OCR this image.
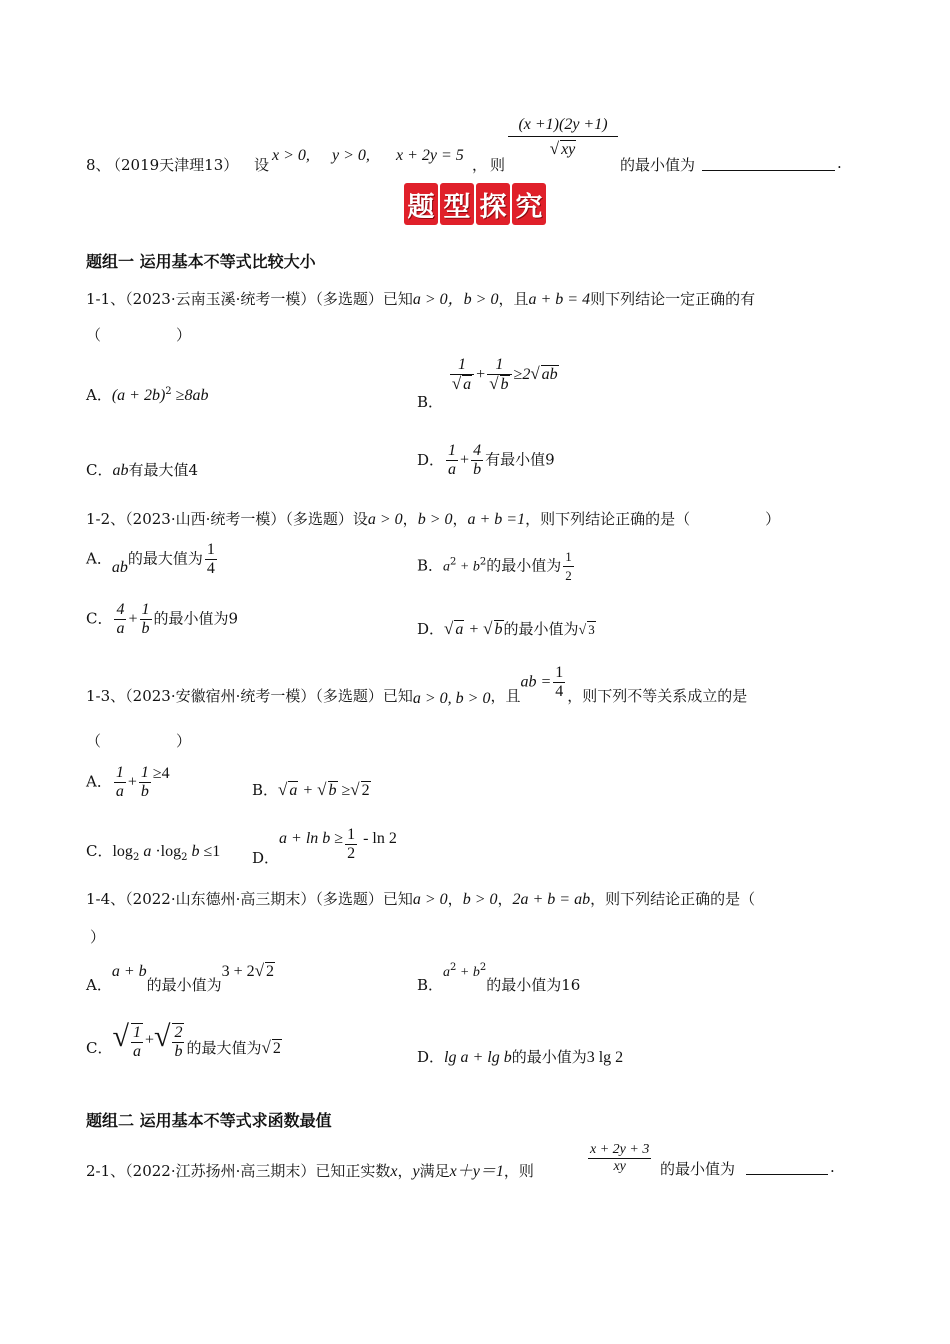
8、
（2019天津理13） 设
x > 0, y > 0, x + 2y = 5
， 则
(x +1)(2y +1)
√ xy
的最小值为	.
题 型 探 究
题组一 运用基本不等式比较大小
1-1、（2023·云南玉溪·统考一模）（多选题）已知a > 0，b > 0，且a + b = 4则下列结论一定正确的有
（　　　　　）
A．$(a + 2b)^2 \ge 8ab$	B．
$\frac{1}{√ a} + \frac{1}{√ b} \ge 2√$ ab
C．ab有最大值4
D． $\frac{1}{a} + \frac{4}{b}$ 有最小值9
1-2、（2023·山西·统考一模）（多选题）设a > 0，b > 0，a + b =1，则下列结论正确的是（　　　　　）
A．ab的最大值为 $\frac{1}{4}$	B．$a^2 + b^2$的最小值为 $\frac{1}{2}$
C． $\frac{4}{a} + \frac{1}{b}$ 的最小值为9
D．√ a + √ b的最小值为√ 3
1-3、（2023·安徽宿州·统考一模）（多选题）已知a > 0, b > 0，且ab = $\frac{1}{4}$ ，则下列不等关系成立的是
（　　　　　）
A． $\frac{1}{a} + \frac{1}{b} \ge 4$
B．√ a + √ b ≥√ 2
C．$\log_2 a \cdot\log_2$ b ≤1 D．$a + \ln b \ge \frac{1}{2} - \ln 2$
1-4、（2022·山东德州·高三期末）（多选题）已知a > 0，b > 0，2a + b = ab，则下列结论正确的是（
）
A．a + b的最小值为3 + 2√ 2
B．$a^2 + b^2$的最小值为16
C．√ $\frac{1}{a}$ +√ $\frac{2}{b}$ 的最大值为√ 2	D．lg a + lg b的最小值为3 lg 2
题组二 运用基本不等式求函数最值
2-1、（2022·江苏扬州·高三期末）已知正实数x，y满足x＋y＝1，则	$\frac{x + 2y + 3}{xy}$ 的最小值为	.
